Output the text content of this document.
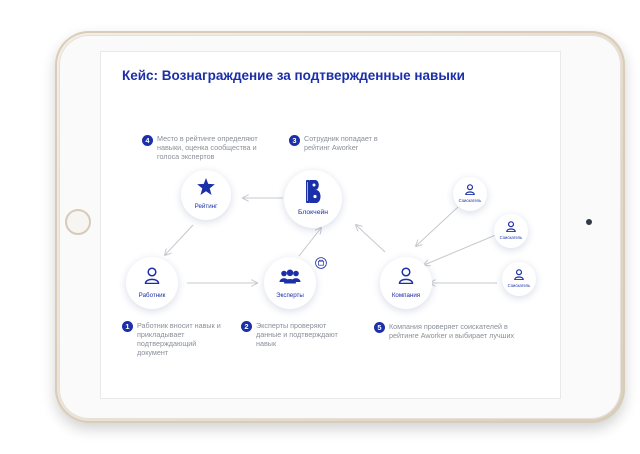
Кейс: Вознаграждение за подтвержденные навыки
4	Место в рейтинге определяют навыки, оценка сообщества и голоса экспертов
3	Сотрудник попадает в рейтинг Aworker
Рейтинг
Блокчейн
Работник	Эксперты	Компания
Соискатель
Соискатель
Соискатель
1	Работник вносит навык и прикладывает подтверждающий документ
2	Эксперты проверяют данные и подтверждают навык
5	Компания проверяет соискателей в рейтинге Aworker и выбирает лучших
